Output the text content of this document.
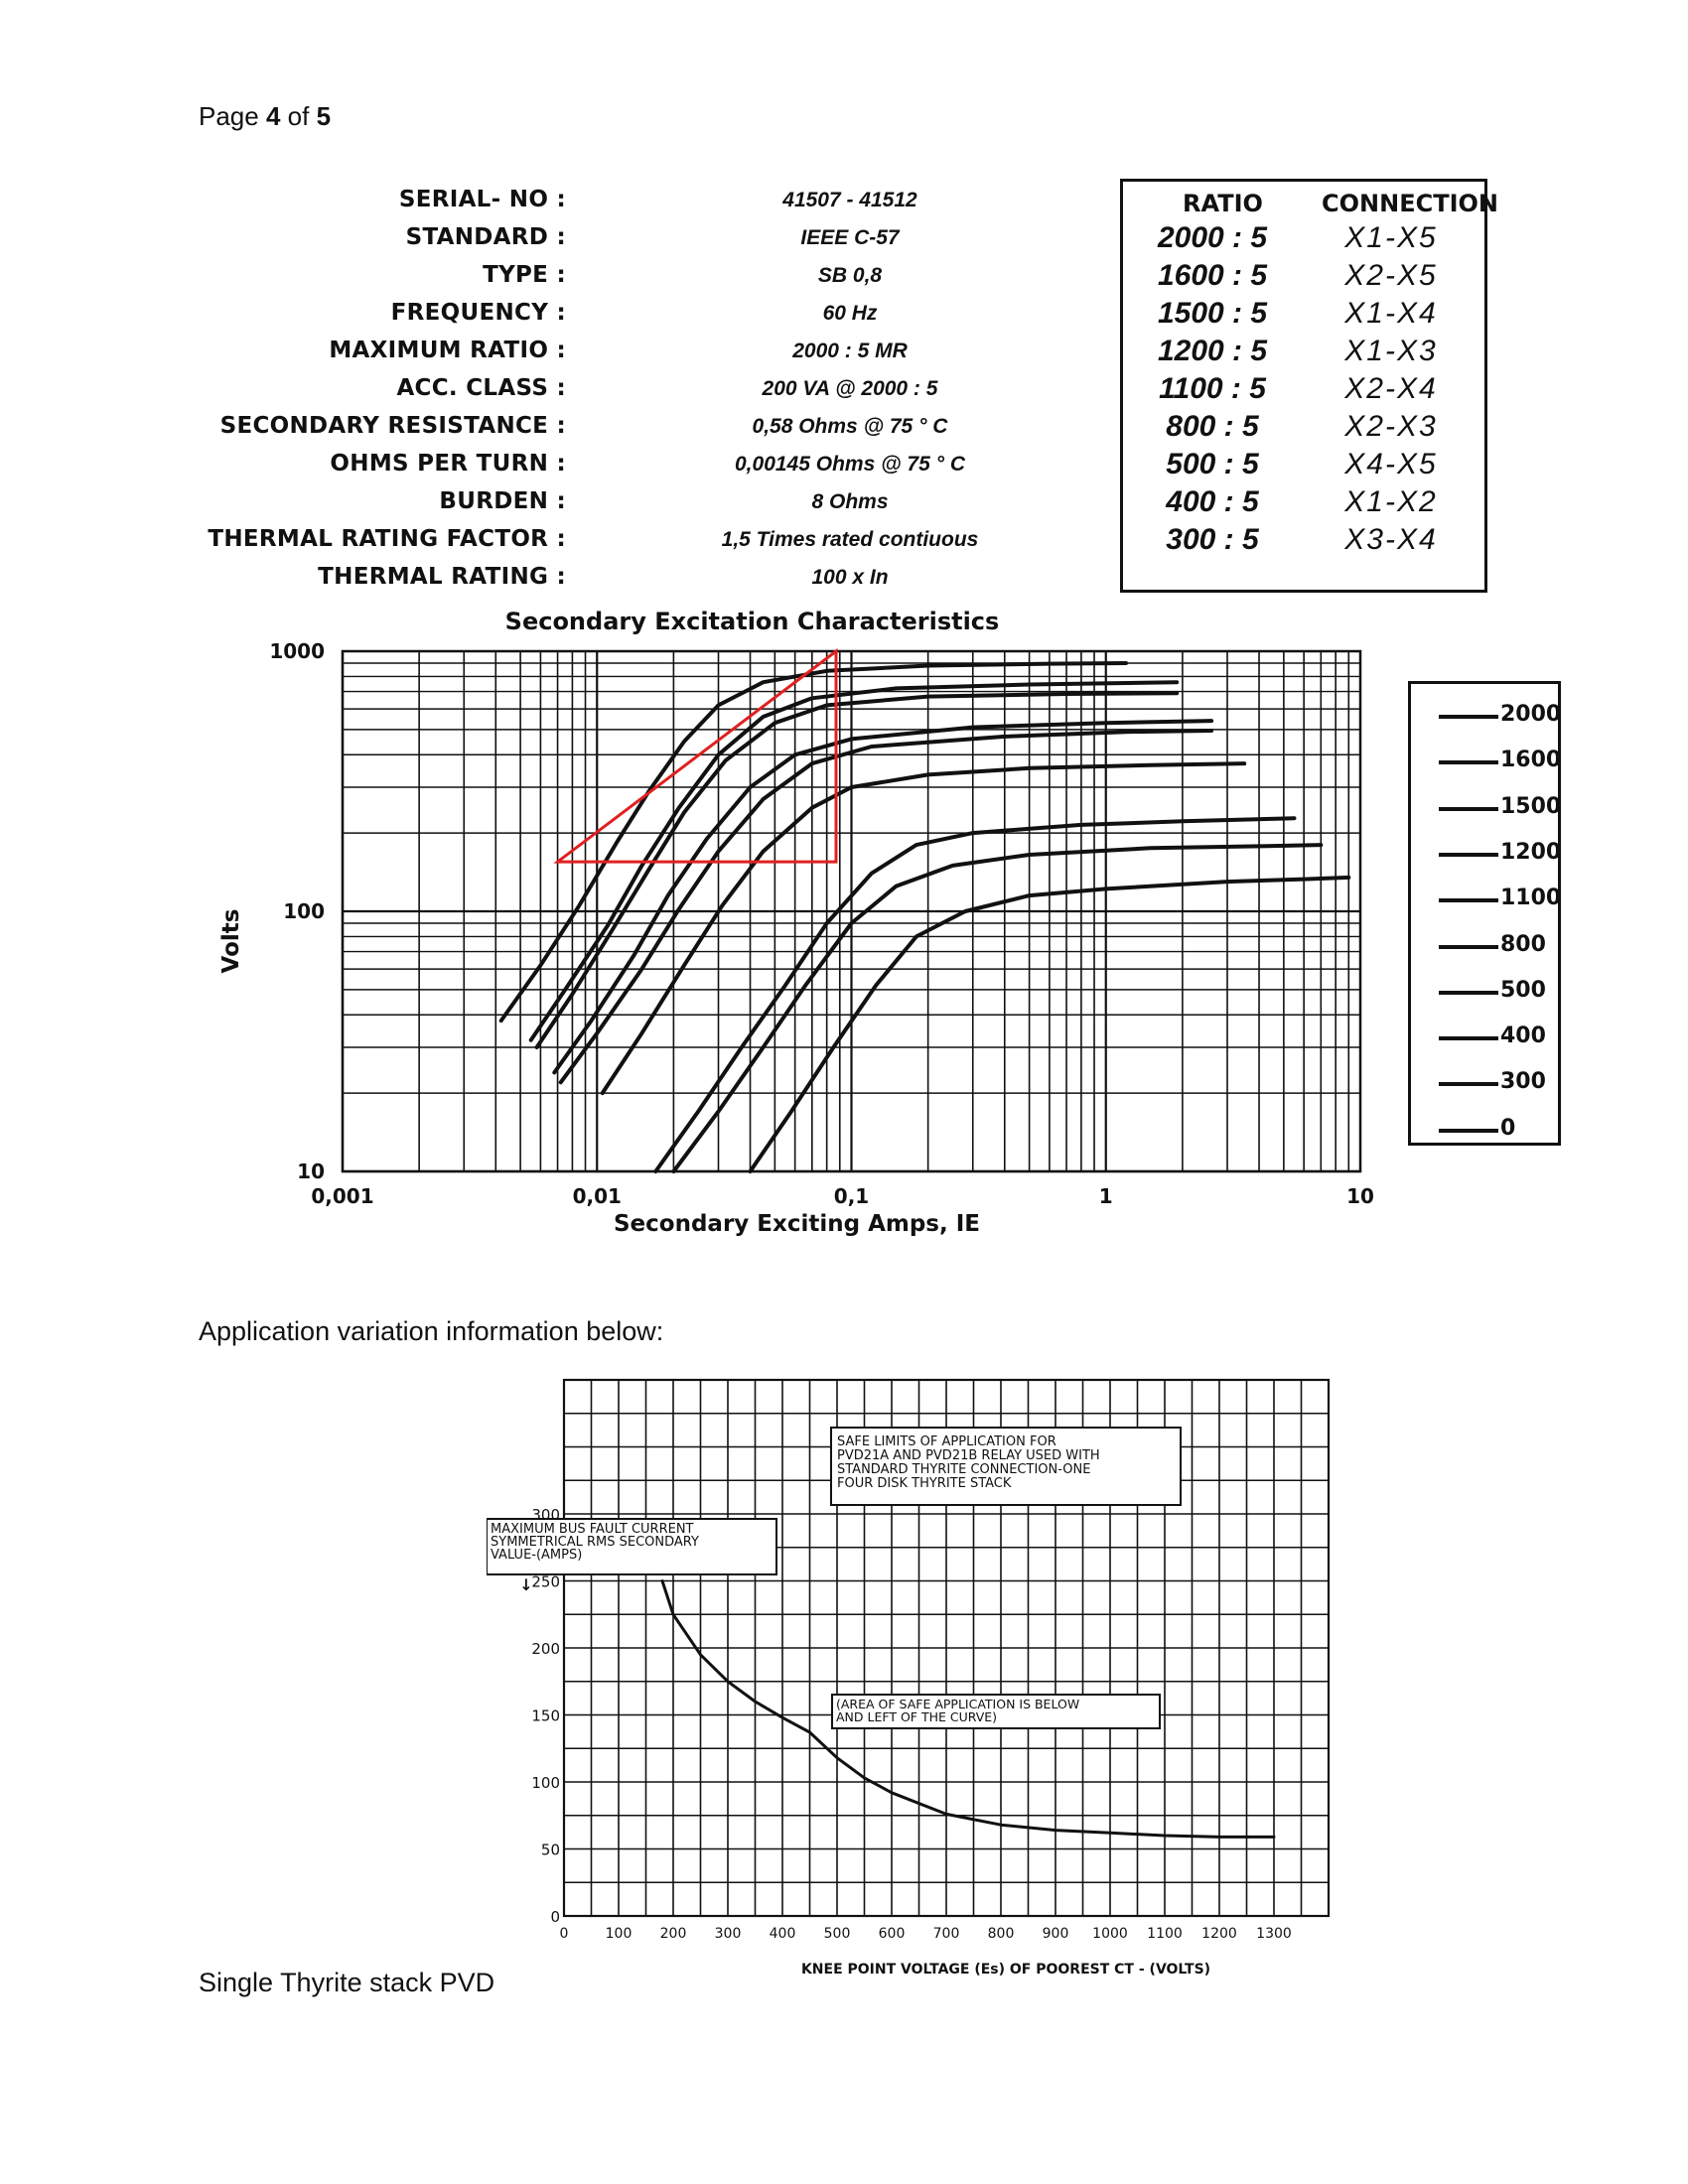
Page 4 of 5
SERIAL- NO :	41507 - 41512
STANDARD :	IEEE C-57
TYPE :	SB 0,8
FREQUENCY :	60 Hz
MAXIMUM RATIO :	2000 : 5 MR
ACC. CLASS :	200 VA @ 2000 : 5
SECONDARY RESISTANCE :	0,58 Ohms @ 75 ° C
OHMS PER TURN :	0,00145 Ohms @ 75 ° C
BURDEN :	8 Ohms
THERMAL RATING FACTOR :	1,5 Times rated contiuous
THERMAL RATING :	100 x In
RATIO CONNECTION
2000 : 5	X1-X5
1600 : 5	X2-X5
1500 : 5	X1-X4
1200 : 5	X1-X3
1100 : 5	X2-X4
800 : 5	X2-X3
500 : 5	X4-X5
400 : 5	X1-X2
300 : 5	X3-X4
Secondary Excitation Characteristics
Secondary Exciting Amps, IE
Volts
0,001	0,01	0,1	1	10
10
100
1000
2000
1600
1500
1200
1100
800
500
400
300
0
Application variation information below:
SAFE LIMITS OF APPLICATION FOR
PVD21A AND PVD21B RELAY USED WITH
STANDARD THYRITE CONNECTION-ONE
FOUR DISK THYRITE STACK
(AREA OF SAFE APPLICATION IS BELOW
AND LEFT OF THE CURVE)
MAXIMUM BUS FAULT CURRENT
SYMMETRICAL RMS SECONDARY
VALUE-(AMPS)
↓
0
50
100
150
200
250
300
0	100 200 300 400 500 600 700 800 900 1000 1100 1200 1300
KNEE POINT VOLTAGE (Es) OF POOREST CT - (VOLTS)
Single Thyrite stack PVD
